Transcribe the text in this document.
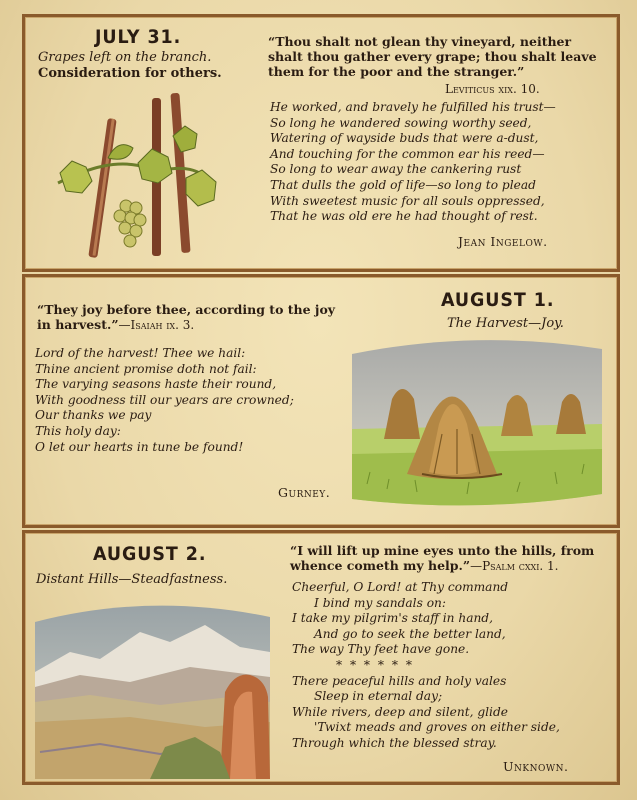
JULY 31.
Grapes left on the branch.
Consideration for others.
“Thou shalt not glean thy vineyard, neither
shalt thou gather every grape; thou shalt leave
them for the poor and the stranger.”
Leviticus xix. 10.
He worked, and bravely he fulfilled his trust—
So long he wandered sowing worthy seed,
Watering of wayside buds that were a-dust,
And touching for the common ear his reed—
So long to wear away the cankering rust
That dulls the gold of life—so long to plead
With sweetest music for all souls oppressed,
That he was old ere he had thought of rest.
Jean Ingelow.
“They joy before thee, according to the joy
in harvest.”—Isaiah ix. 3.
Lord of the harvest! Thee we hail:
Thine ancient promise doth not fail:
The varying seasons haste their round,
With goodness till our years are crowned;
Our thanks we pay
This holy day:
O let our hearts in tune be found!
Gurney.
AUGUST 1.
The Harvest—Joy.
AUGUST 2.
Distant Hills—Steadfastness.
“I will lift up mine eyes unto the hills, from
whence cometh my help.”—Psalm cxxi. 1.
Cheerful, O Lord! at Thy command
I bind my sandals on:
I take my pilgrim's staff in hand,
And go to seek the better land,
The way Thy feet have gone.
* * * * * *
There peaceful hills and holy vales
Sleep in eternal day;
While rivers, deep and silent, glide
'Twixt meads and groves on either side,
Through which the blessed stray.
Unknown.
